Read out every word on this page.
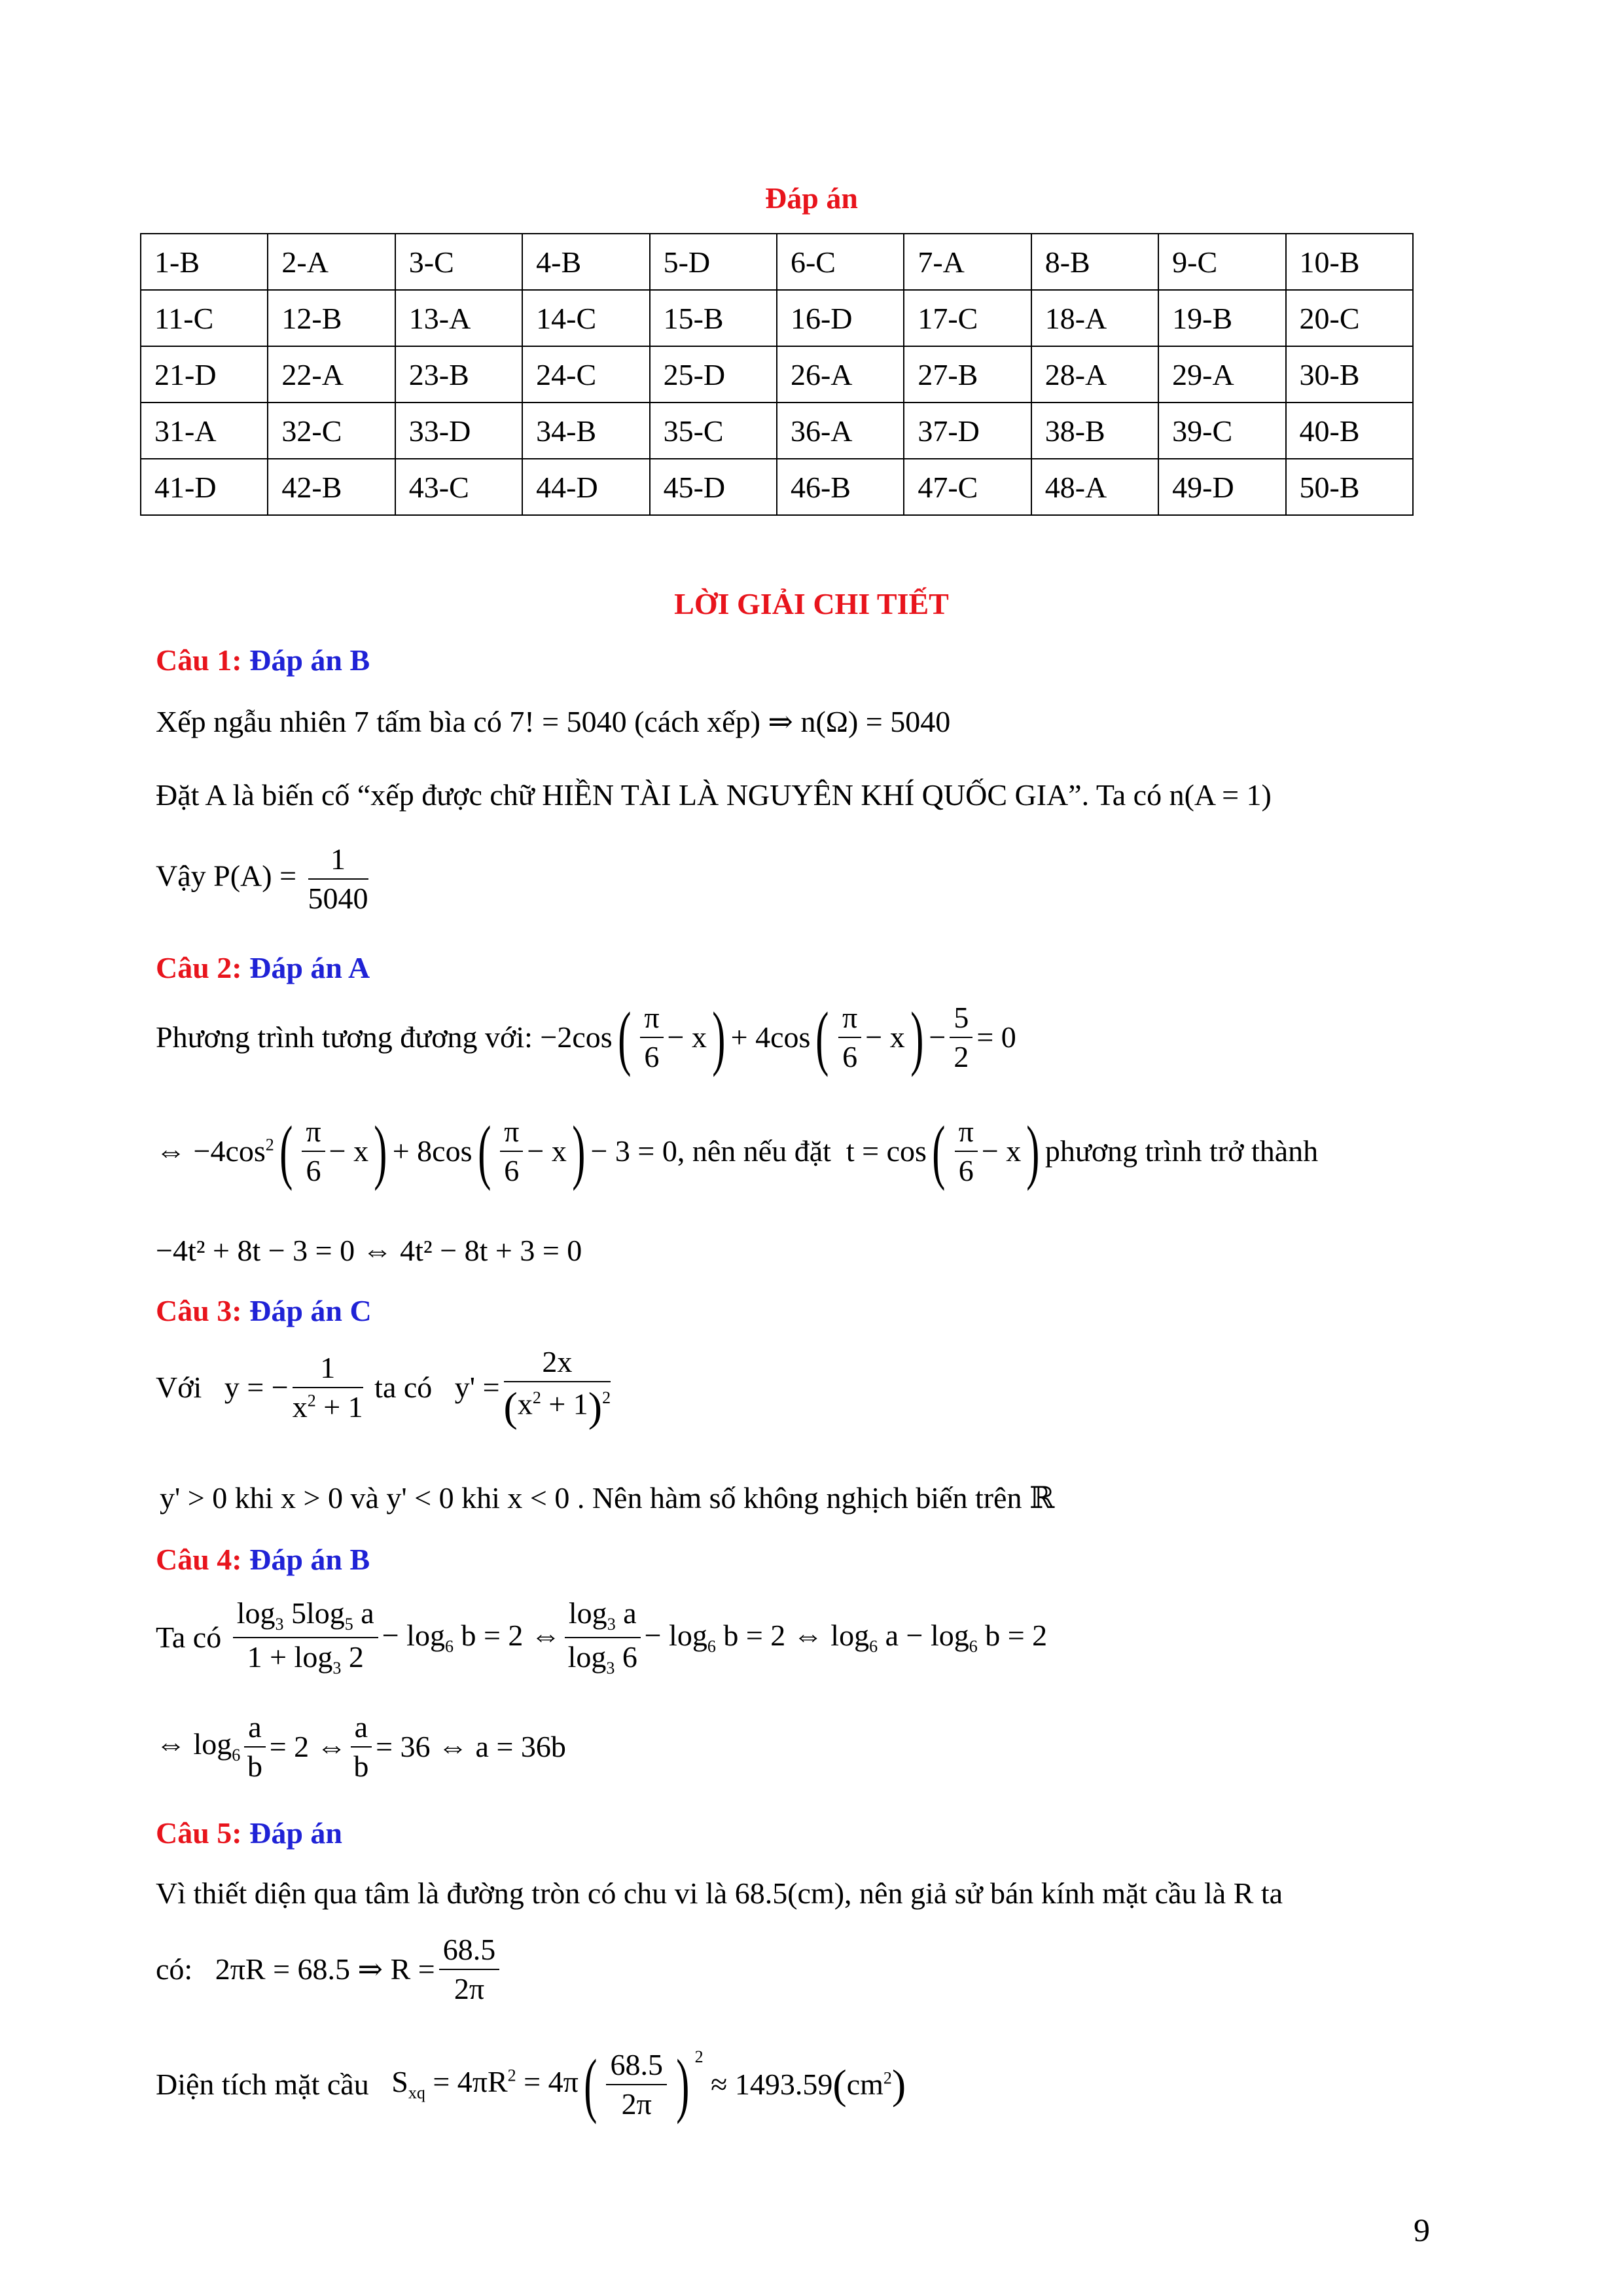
Đáp án
1-B	2-A	3-C	4-B	5-D	6-C	7-A	8-B	9-C	10-B
11-C	12-B	13-A	14-C	15-B	16-D	17-C	18-A	19-B	20-C
21-D	22-A	23-B	24-C	25-D	26-A	27-B	28-A	29-A	30-B
31-A	32-C	33-D	34-B	35-C	36-A	37-D	38-B	39-C	40-B
41-D	42-B	43-C	44-D	45-D	46-B	47-C	48-A	49-D	50-B
LỜI GIẢI CHI TIẾT
Câu 1: Đáp án B
Xếp ngẫu nhiên 7 tấm bìa có 7! = 5040 (cách xếp) ⇒ n(Ω) = 5040
Đặt A là biến cố “xếp được chữ HIỀN TÀI LÀ NGUYÊN KHÍ QUỐC GIA”. Ta có n(A = 1)
Vậy $P(A) = \frac{1}{5040}$
Câu 2: Đáp án A
Phương trình tương đương với: $-2\cos( \frac{\pi}{6} - x) + 4\cos( \frac{\pi}{6} - x) - \frac{5}{2} = 0$
⇔ $-4\cos^2( \frac{\pi}{6} - x) + 8\cos( \frac{\pi}{6} - x) - 3 = 0$, nên nếu đặt  $t = \cos( \frac{\pi}{6} - x)$ phương trình trở thành
−4t² + 8t − 3 = 0 ⇔ 4t² − 8t + 3 = 0
Câu 3: Đáp án C
Với   y = − $\frac{1}{x^2 + 1}$ ta có   $y' = \frac{2x}{(x^2 + 1)^2}$
y' > 0 khi x > 0 và y' < 0 khi x < 0 . Nên hàm số không nghịch biến trên ℝ
Câu 4: Đáp án B
Ta có $\frac{\log_3 5\log_5 a}{1 + \log_3 2} - \log_6 b = 2$ ⇔ $\frac{\log_3 a}{\log_3 6} - \log_6 b = 2$ ⇔ $\log_6 a - \log_6 b = 2$
⇔ $\log_6 \frac{a}{b} = 2$ ⇔ $\frac{a}{b} = 36$ ⇔ a = 36b
Câu 5: Đáp án
Vì thiết diện qua tâm là đường tròn có chu vi là 68.5(cm), nên giả sử bán kính mặt cầu là R ta
có:   2πR = 68.5 ⇒ $R = \frac{68.5}{2\pi}$
Diện tích mặt cầu   $S_{xq} = 4\pi R^2 = 4\pi( \frac{68.5}{2\pi}$ ) $^2 \approx 1493.59(cm^2)$
9
